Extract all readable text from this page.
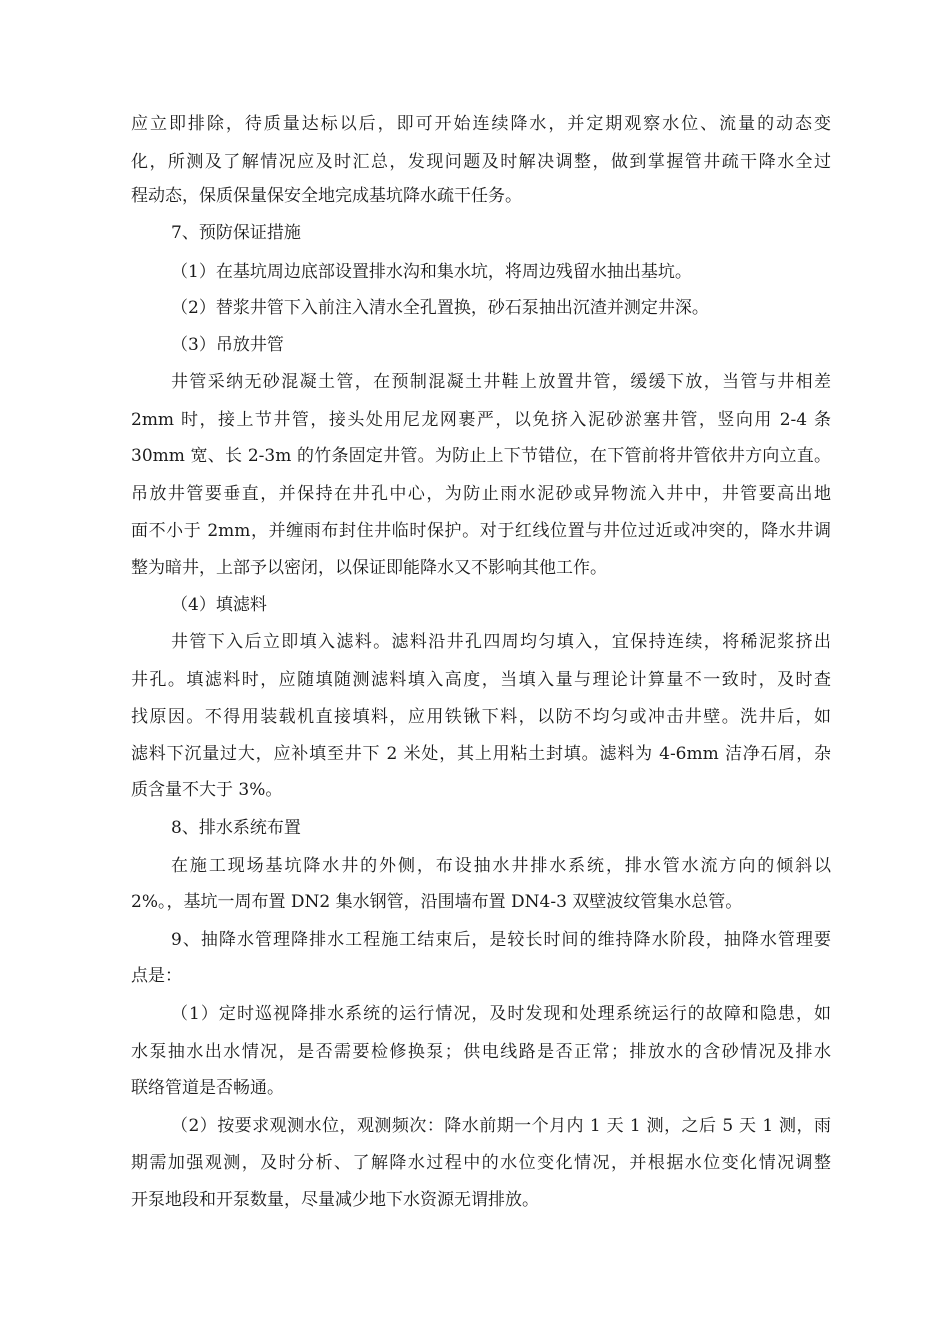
应立即排除，待质量达标以后，即可开始连续降水，并定期观察水位、流量的动态变
化，所测及了解情况应及时汇总，发现问题及时解决调整，做到掌握管井疏干降水全过
程动态，保质保量保安全地完成基坑降水疏干任务。
7、预防保证措施
（1）在基坑周边底部设置排水沟和集水坑，将周边残留水抽出基坑。
（2）替浆井管下入前注入清水全孔置换，砂石泵抽出沉渣并测定井深。
（3）吊放井管
井管采纳无砂混凝土管，在预制混凝土井鞋上放置井管，缓缓下放，当管与井相差
2mm 时，接上节井管，接头处用尼龙网裹严，以免挤入泥砂淤塞井管，竖向用 2-4 条
30mm 宽、长 2-3m 的竹条固定井管。为防止上下节错位，在下管前将井管依井方向立直。
吊放井管要垂直，并保持在井孔中心，为防止雨水泥砂或异物流入井中，井管要高出地
面不小于 2mm，并缠雨布封住井临时保护。对于红线位置与井位过近或冲突的，降水井调
整为暗井，上部予以密闭，以保证即能降水又不影响其他工作。
（4）填滤料
井管下入后立即填入滤料。滤料沿井孔四周均匀填入，宜保持连续，将稀泥浆挤出
井孔。填滤料时，应随填随测滤料填入高度，当填入量与理论计算量不一致时，及时查
找原因。不得用装载机直接填料，应用铁锹下料，以防不均匀或冲击井壁。洗井后，如
滤料下沉量过大，应补填至井下 2 米处，其上用粘土封填。滤料为 4-6mm 洁净石屑，杂
质含量不大于 3%。
8、排水系统布置
在施工现场基坑降水井的外侧，布设抽水井排水系统，排水管水流方向的倾斜以
2%。，基坑一周布置 DN2 集水钢管，沿围墙布置 DN4-3 双壁波纹管集水总管。
9、抽降水管理降排水工程施工结束后，是较长时间的维持降水阶段，抽降水管理要
点是：
（1）定时巡视降排水系统的运行情况，及时发现和处理系统运行的故障和隐患，如
水泵抽水出水情况，是否需要检修换泵；供电线路是否正常；排放水的含砂情况及排水
联络管道是否畅通。
（2）按要求观测水位，观测频次：降水前期一个月内 1 天 1 测，之后 5 天 1 测，雨
期需加强观测，及时分析、了解降水过程中的水位变化情况，并根据水位变化情况调整
开泵地段和开泵数量，尽量减少地下水资源无谓排放。
